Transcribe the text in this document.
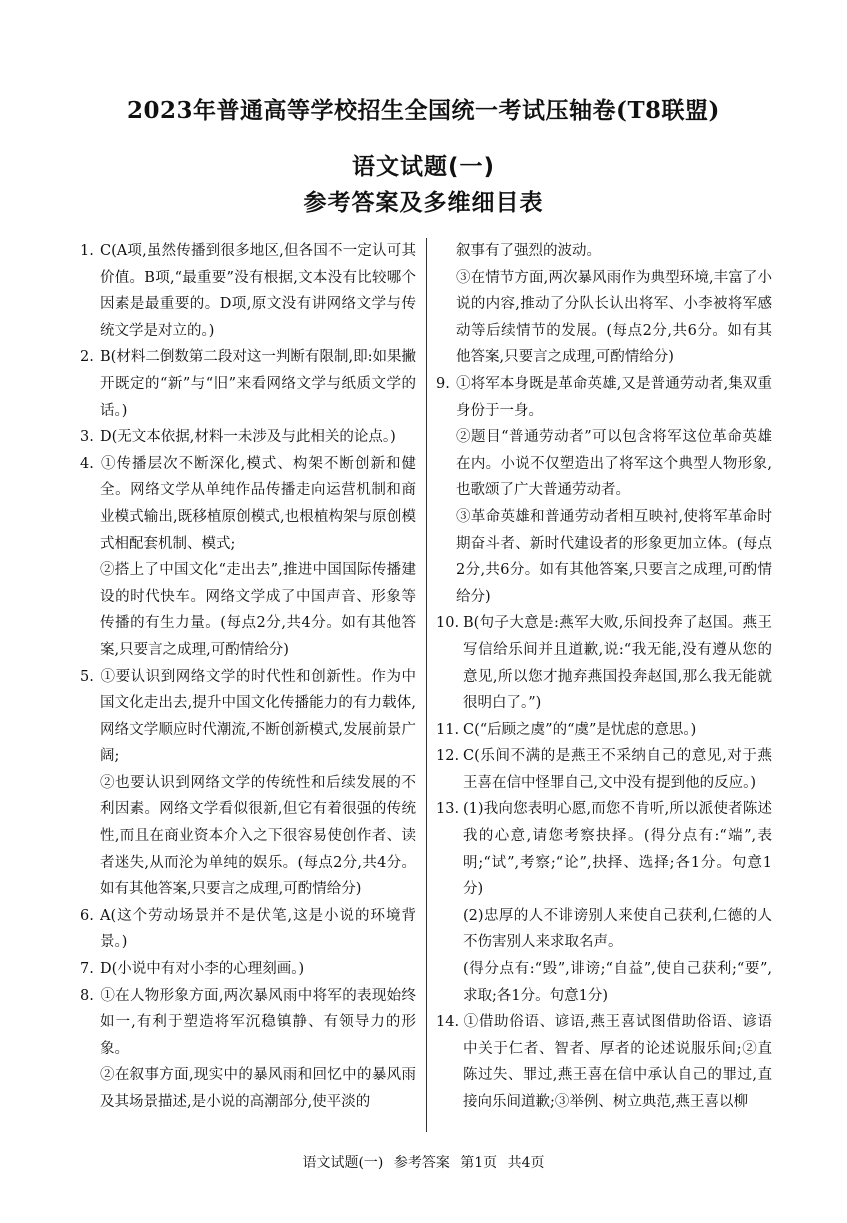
2023年普通高等学校招生全国统一考试压轴卷(T8联盟)
语文试题(一)
参考答案及多维细目表

1. C(A项,虽然传播到很多地区,但各国不一定认可其价值。B项,“最重要”没有根据,文本没有比较哪个因素是最重要的。D项,原文没有讲网络文学与传统文学是对立的。)

2. B(材料二倒数第二段对这一判断有限制,即:如果撇开既定的“新”与“旧”来看网络文学与纸质文学的话。)

3. D(无文本依据,材料一未涉及与此相关的论点。)

4. ①传播层次不断深化,模式、构架不断创新和健全。网络文学从单纯作品传播走向运营机制和商业模式输出,既移植原创模式,也根植构架与原创模式相配套机制、模式;

②搭上了中国文化“走出去”,推进中国国际传播建设的时代快车。网络文学成了中国声音、形象等传播的有生力量。(每点2分,共4分。如有其他答案,只要言之成理,可酌情给分)

5. ①要认识到网络文学的时代性和创新性。作为中国文化走出去,提升中国文化传播能力的有力载体,网络文学顺应时代潮流,不断创新模式,发展前景广阔;

②也要认识到网络文学的传统性和后续发展的不利因素。网络文学看似很新,但它有着很强的传统性,而且在商业资本介入之下很容易使创作者、读者迷失,从而沦为单纯的娱乐。(每点2分,共4分。如有其他答案,只要言之成理,可酌情给分)

6. A(这个劳动场景并不是伏笔,这是小说的环境背景。)

7. D(小说中有对小李的心理刻画。)

8. ①在人物形象方面,两次暴风雨中将军的表现始终如一,有利于塑造将军沉稳镇静、有领导力的形象。

②在叙事方面,现实中的暴风雨和回忆中的暴风雨及其场景描述,是小说的高潮部分,使平淡的

叙事有了强烈的波动。

③在情节方面,两次暴风雨作为典型环境,丰富了小说的内容,推动了分队长认出将军、小李被将军感动等后续情节的发展。(每点2分,共6分。如有其他答案,只要言之成理,可酌情给分)

9. ①将军本身既是革命英雄,又是普通劳动者,集双重身份于一身。

②题目“普通劳动者”可以包含将军这位革命英雄在内。小说不仅塑造出了将军这个典型人物形象,也歌颂了广大普通劳动者。

③革命英雄和普通劳动者相互映衬,使将军革命时期奋斗者、新时代建设者的形象更加立体。(每点2分,共6分。如有其他答案,只要言之成理,可酌情给分)

10. B(句子大意是:燕军大败,乐间投奔了赵国。燕王写信给乐间并且道歉,说:“我无能,没有遵从您的意见,所以您才抛弃燕国投奔赵国,那么我无能就很明白了。”)

11. C(“后顾之虞”的“虞”是忧虑的意思。)

12. C(乐间不满的是燕王不采纳自己的意见,对于燕王喜在信中怪罪自己,文中没有提到他的反应。)

13. (1)我向您表明心愿,而您不肯听,所以派使者陈述我的心意,请您考察抉择。(得分点有:“端”,表明;“试”,考察;“论”,抉择、选择;各1分。句意1分)

(2)忠厚的人不诽谤别人来使自己获利,仁德的人不伤害别人来求取名声。

(得分点有:“毁”,诽谤;“自益”,使自己获利;“要”,求取;各1分。句意1分)

14. ①借助俗语、谚语,燕王喜试图借助俗语、谚语中关于仁者、智者、厚者的论述说服乐间;②直陈过失、罪过,燕王喜在信中承认自己的罪过,直接向乐间道歉;③举例、树立典范,燕王喜以柳

语文试题(一) 参考答案 第1页 共4页
